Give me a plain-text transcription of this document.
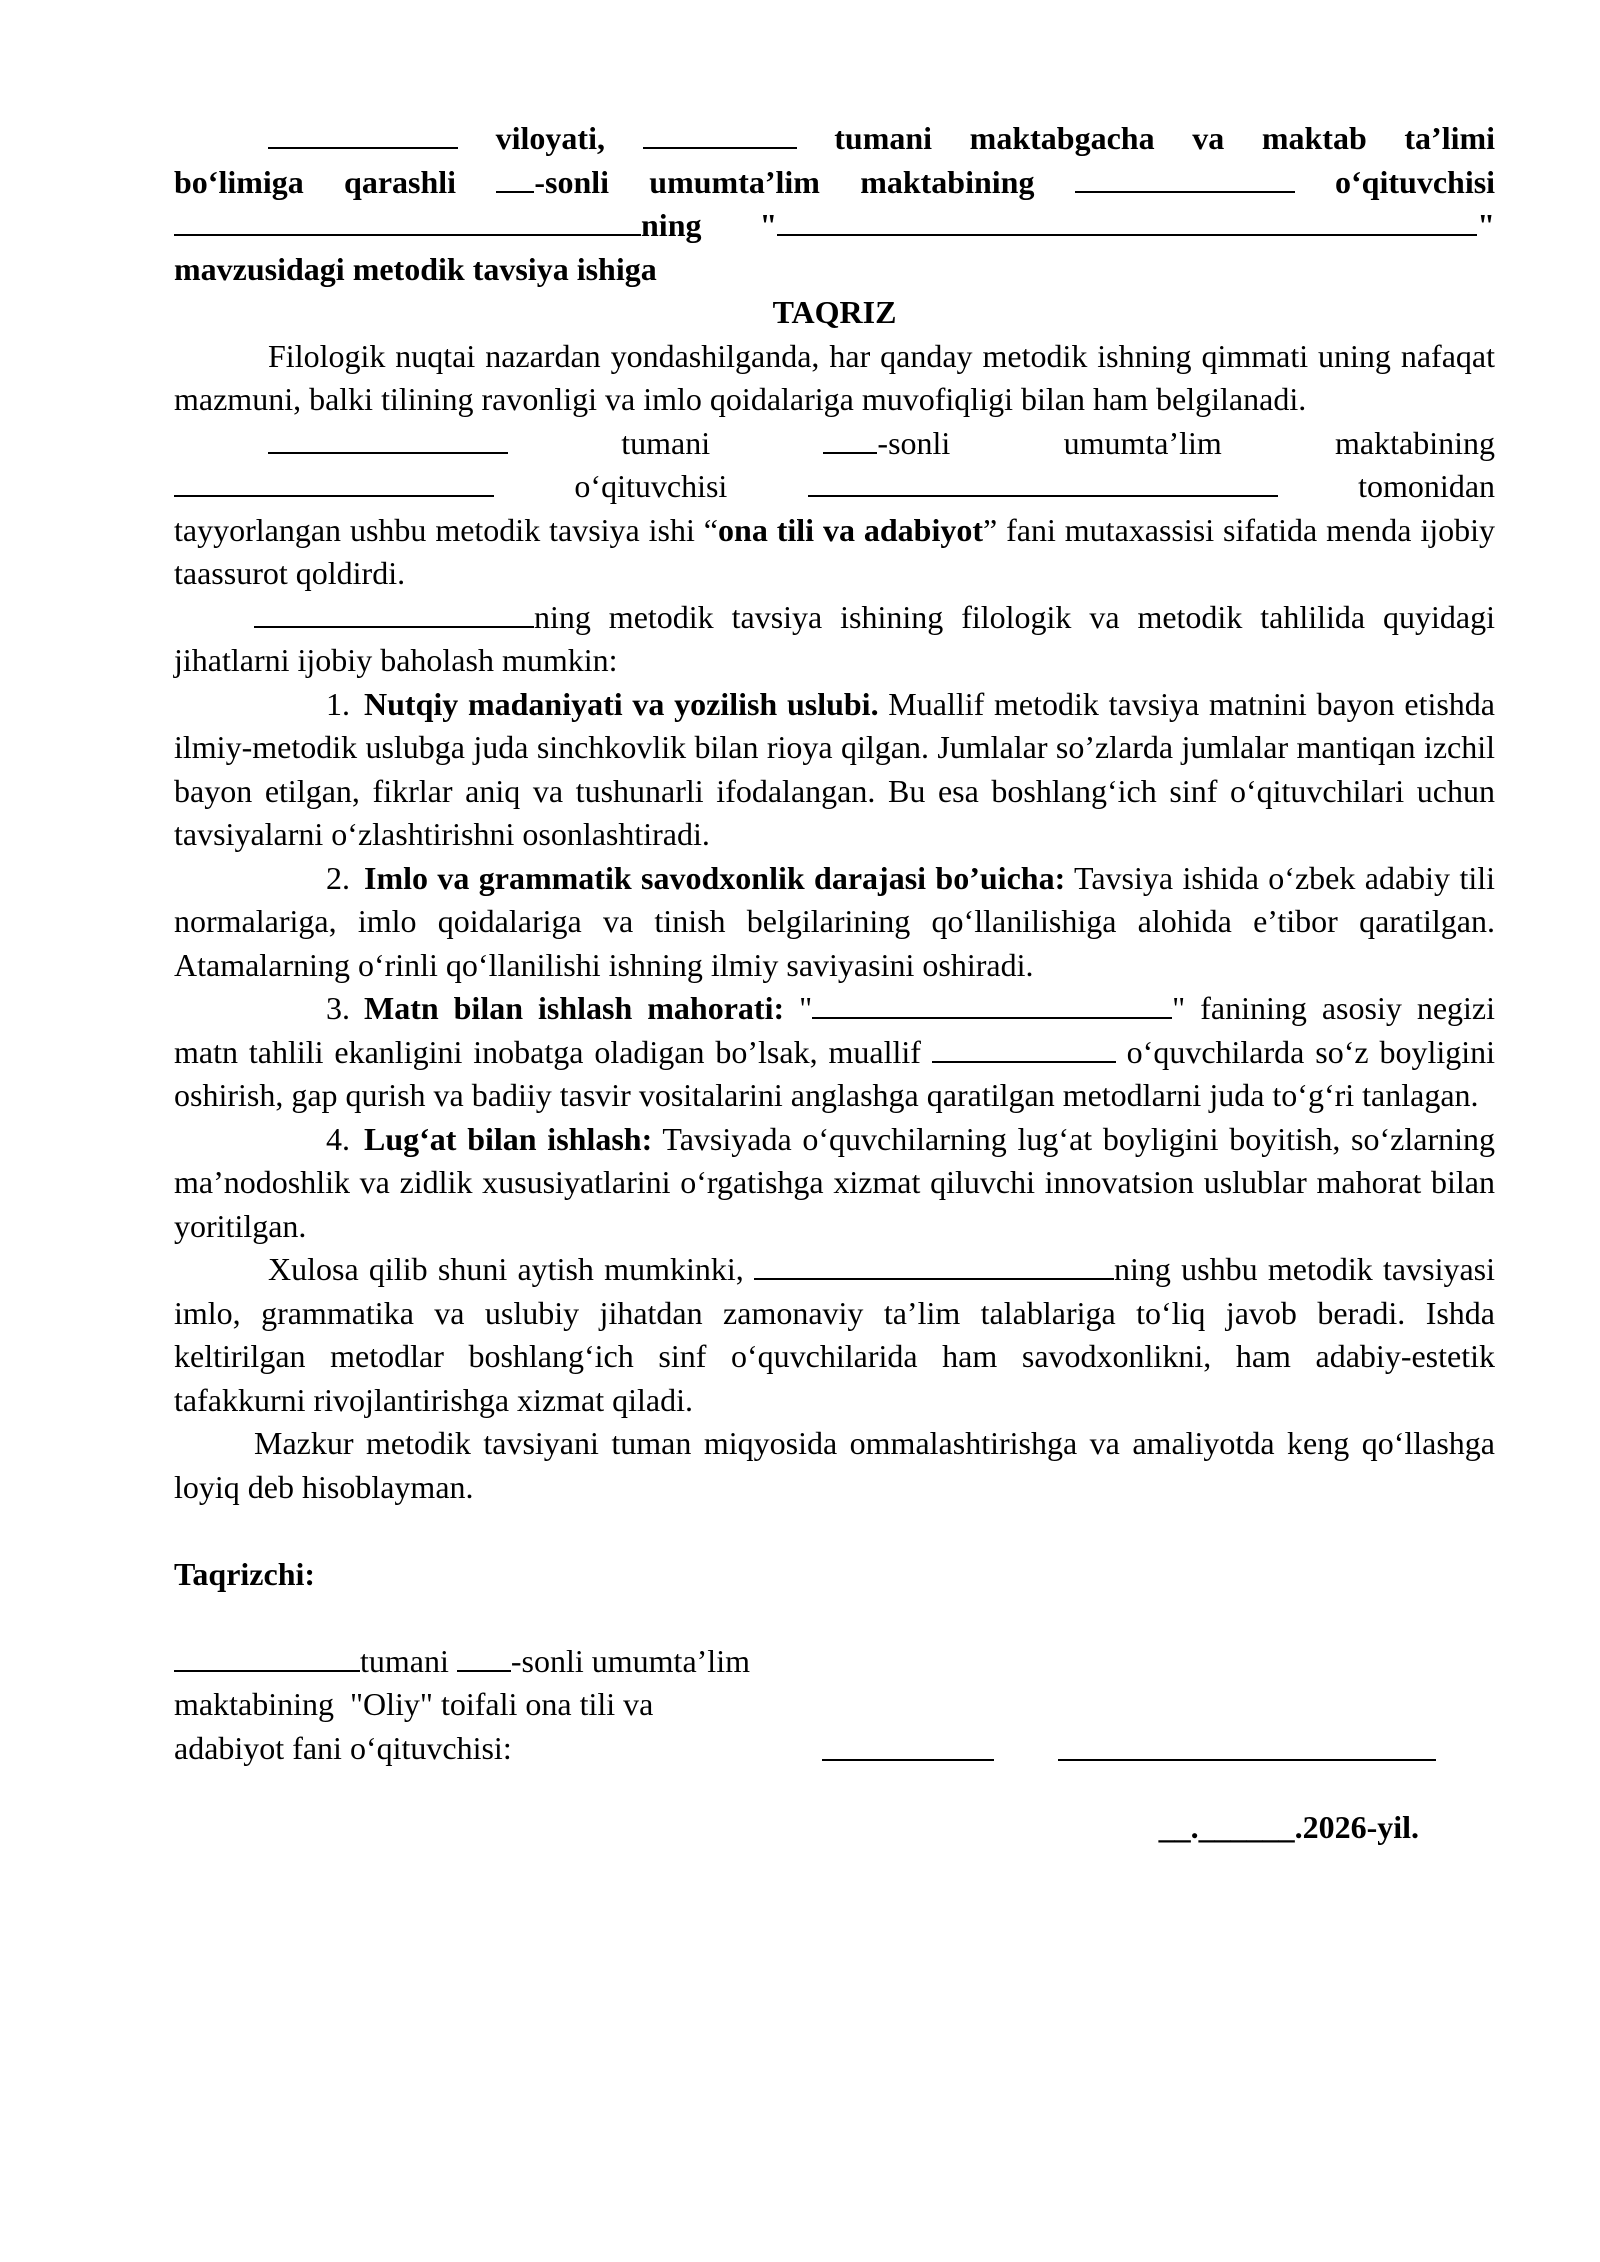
viloyati,	tumani maktabgacha va maktab ta’limi
bo‘limiga qarashli -sonli umumta’lim maktabining	o‘qituvchisi
ning "	"
mavzusidagi metodik tavsiya ishiga
TAQRIZ
Filologik nuqtai nazardan yondashilganda, har qanday metodik ishning qimmati uning nafaqat mazmuni, balki tilining ravonligi va imlo qoidalariga muvofiqligi bilan ham belgilanadi.
tumani	-sonli	umumta’lim	maktabining
o‘qituvchisi	tomonidan
tayyorlangan ushbu metodik tavsiya ishi “ona tili va adabiyot” fani mutaxassisi sifatida menda ijobiy taassurot qoldirdi.
ning metodik tavsiya ishining filologik va metodik tahlilida quyidagi jihatlarni ijobiy baholash mumkin:
1. Nutqiy madaniyati va yozilish uslubi. Muallif metodik tavsiya matnini bayon etishda ilmiy-metodik uslubga juda sinchkovlik bilan rioya qilgan. Jumlalar so’zlarda jumlalar mantiqan izchil bayon etilgan, fikrlar aniq va tushunarli ifodalangan. Bu esa boshlang‘ich sinf o‘qituvchilari uchun tavsiyalarni o‘zlashtirishni osonlashtiradi.
2. Imlo va grammatik savodxonlik darajasi bo’uicha: Tavsiya ishida o‘zbek adabiy tili normalariga, imlo qoidalariga va tinish belgilarining qo‘llanilishiga alohida e’tibor qaratilgan. Atamalarning o‘rinli qo‘llanilishi ishning ilmiy saviyasini oshiradi.
3. Matn bilan ishlash mahorati: "	" fanining asosiy negizi matn tahlili ekanligini inobatga oladigan bo’lsak, muallif	o‘quvchilarda so‘z boyligini oshirish, gap qurish va badiiy tasvir vositalarini anglashga qaratilgan metodlarni juda to‘g‘ri tanlagan.
4. Lug‘at bilan ishlash: Tavsiyada o‘quvchilarning lug‘at boyligini boyitish, so‘zlarning ma’nodoshlik va zidlik xususiyatlarini o‘rgatishga xizmat qiluvchi innovatsion uslublar mahorat bilan yoritilgan.
Xulosa qilib shuni aytish mumkinki,	ning ushbu metodik tavsiyasi imlo, grammatika va uslubiy jihatdan zamonaviy ta’lim talablariga to‘liq javob beradi. Ishda keltirilgan metodlar boshlang‘ich sinf o‘quvchilarida ham savodxonlikni, ham adabiy-estetik tafakkurni rivojlantirishga xizmat qiladi.
Mazkur metodik tavsiyani tuman miqyosida ommalashtirishga va amaliyotda keng qo‘llashga loyiq deb hisoblayman.
Taqrizchi:
tumani -sonli umumta’lim
maktabining  "Oliy" toifali ona tili va
adabiyot fani o‘qituvchisi:
__.______.2026-yil.
